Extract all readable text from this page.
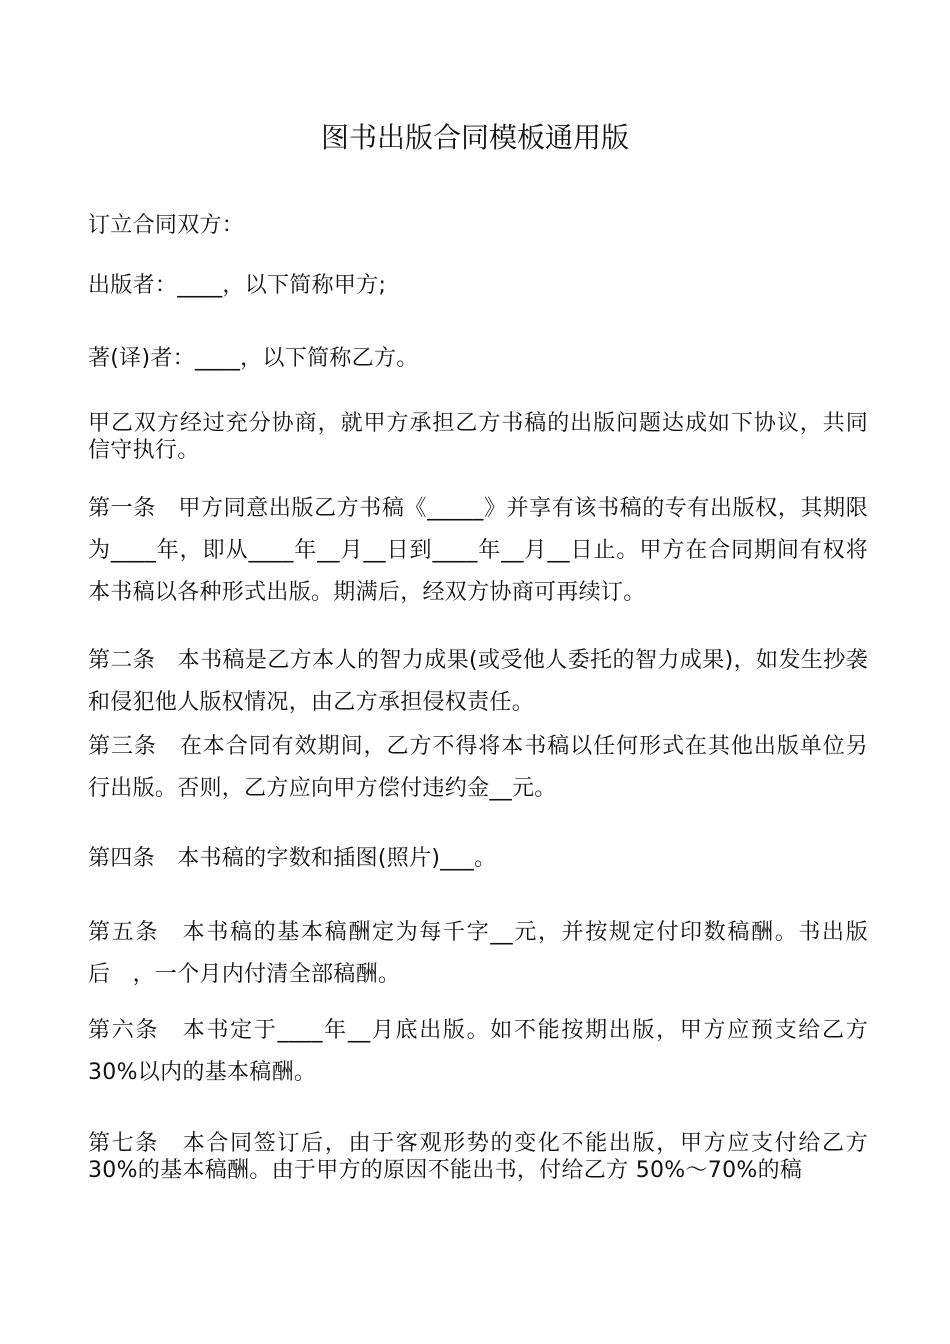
图书出版合同模板通用版

订立合同双方：

出版者：____，以下简称甲方;

著(译)者：____，以下简称乙方。

甲乙双方经过充分协商，就甲方承担乙方书稿的出版问题达成如下协议，共同信守执行。

第一条　甲方同意出版乙方书稿《_____》并享有该书稿的专有出版权，其期限为____年，即从____年__月__日到____年__月__日止。甲方在合同期间有权将本书稿以各种形式出版。期满后，经双方协商可再续订。

第二条　本书稿是乙方本人的智力成果(或受他人委托的智力成果)，如发生抄袭和侵犯他人版权情况，由乙方承担侵权责任。

第三条　在本合同有效期间，乙方不得将本书稿以任何形式在其他出版单位另行出版。否则，乙方应向甲方偿付违约金__元。

第四条　本书稿的字数和插图(照片)___。

第五条　本书稿的基本稿酬定为每千字__元，并按规定付印数稿酬。书出版后　，一个月内付清全部稿酬。

第六条　本书定于____年__月底出版。如不能按期出版，甲方应预支给乙方 30%以内的基本稿酬。

第七条　本合同签订后，由于客观形势的变化不能出版，甲方应支付给乙方 30%的基本稿酬。由于甲方的原因不能出书，付给乙方 50%～70%的稿
